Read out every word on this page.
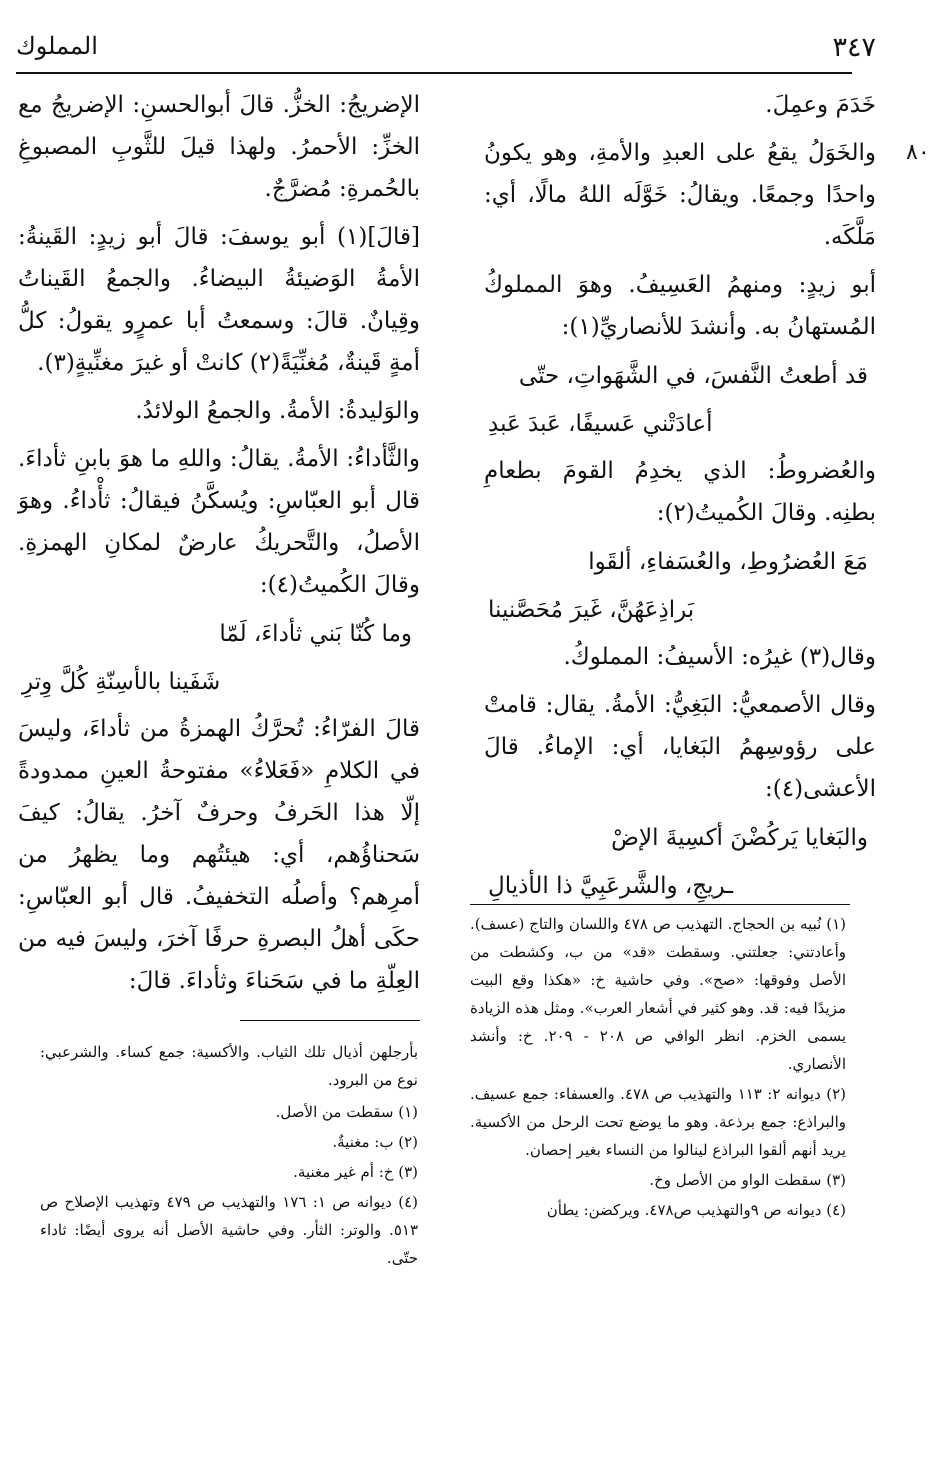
٣٤٧
المملوك
٨٠
خَدَمَ وعمِلَ.
والخَوَلُ يقعُ على العبدِ والأمةِ، وهو يكونُ واحدًا وجمعًا. ويقالُ: خَوَّلَه اللهُ مالًا، أي: مَلَّكَه.
أبو زيدٍ: ومنهمُ العَسِيفُ. وهوَ المملوكُ المُستهانُ به. وأنشدَ للأنصاريِّ(١):
قد أطعتُ النَّفسَ، في الشَّهَواتِ، حتّى
أعادَتْني عَسيفًا، عَبدَ عَبدِ
والعُضروطُ: الذي يخدِمُ القومَ بطعامِ بطنِه. وقالَ الكُميتُ(٢):
مَعَ العُضرُوطِ، والعُسَفاءِ، ألقَوا
بَراذِعَهُنَّ، غَيرَ مُحَصَّنينا
وقال(٣) غيرُه: الأسيفُ: المملوكُ.
وقال الأصمعيُّ: البَغِيُّ: الأمةُ. يقال: قامتْ على رؤوسِهمُ البَغايا، أي: الإماءُ. قالَ الأعشى(٤):
والبَغايا يَركُضْنَ أكسِيةَ الإضْ
ـريجِ، والشَّرعَبِيَّ ذا الأذيالِ
الإضريجُ: الخزُّ. قالَ أبوالحسنِ: الإضريجُ مع الخزِّ: الأحمرُ. ولهذا قيلَ للثَّوبِ المصبوغِ بالحُمرةِ: مُضرَّجٌ.
[قالَ](١) أبو يوسفَ: قالَ أبو زيدٍ: القَينةُ: الأمةُ الوَضيئةُ البيضاءُ. والجمعُ القَيناتُ وقِيانٌ. قالَ: وسمعتُ أبا عمرٍو يقولُ: كلُّ أمةٍ قَينةٌ، مُغنِّيَةً(٢) كانتْ أو غيرَ مغنِّيةٍ(٣).
والوَليدةُ: الأمةُ. والجمعُ الولائدُ.
والثَّأداءُ: الأمةُ. يقالُ: واللهِ ما هوَ بابنِ ثأداءَ. قال أبو العبّاسِ: ويُسكَّنُ فيقالُ: ثأْداءُ. وهوَ الأصلُ، والتَّحريكُ عارضٌ لمكانِ الهمزةِ. وقالَ الكُميتُ(٤):
وما كُنّا بَني ثأداءَ، لَمّا
شَفَينا بالأسِنّةِ كُلَّ وِترِ
قالَ الفرّاءُ: تُحرَّكُ الهمزةُ من ثأداءَ، وليسَ في الكلامِ «فَعَلاءُ» مفتوحةُ العينِ ممدودةً إلّا هذا الحَرفُ وحرفٌ آخرُ. يقالُ: كيفَ سَحناؤُهم، أي: هيئتُهم وما يظهرُ من أمرِهم؟ وأصلُه التخفيفُ. قال أبو العبّاسِ: حكَى أهلُ البصرةِ حرفًا آخرَ، وليسَ فيه من العِلّةِ ما في سَحَناءَ وثأداءَ. قالَ:
(١) نُبيه بن الحجاج. التهذيب ص ٤٧٨ واللسان والتاج (عسف). وأعادتني: جعلتني. وسقطت «قد» من ب، وكشطت من الأصل وفوقها: «صح». وفي حاشية خ: «هكذا وقع البيت مزيدًا فيه: قد. وهو كثير في أشعار العرب». ومثل هذه الزيادة يسمى الخزم. انظر الوافي ص ٢٠٨ - ٢٠٩. خ: وأنشد الأنصاري.
(٢) ديوانه ٢: ١١٣ والتهذيب ص ٤٧٨. والعسفاء: جمع عسيف. والبراذع: جمع برذعة. وهو ما يوضع تحت الرحل من الأكسية. يريد أنهم ألقوا البراذع لينالوا من النساء بغير إحصان.
(٣) سقطت الواو من الأصل وخ.
(٤) ديوانه ص ٩والتهذيب ص٤٧٨. ويركضن: يطأن
بأرجلهن أذيال تلك الثياب. والأكسية: جمع كساء. والشرعبي: نوع من البرود.
(١) سقطت من الأصل.
(٢) ب: مغنيةٌ.
(٣) خ: أم غير مغنية.
(٤) ديوانه ص ١: ١٧٦ والتهذيب ص ٤٧٩ وتهذيب الإصلاح ص ٥١٣. والوتر: الثأر. وفي حاشية الأصل أنه يروى أيضًا: ثاداء حتّى.
